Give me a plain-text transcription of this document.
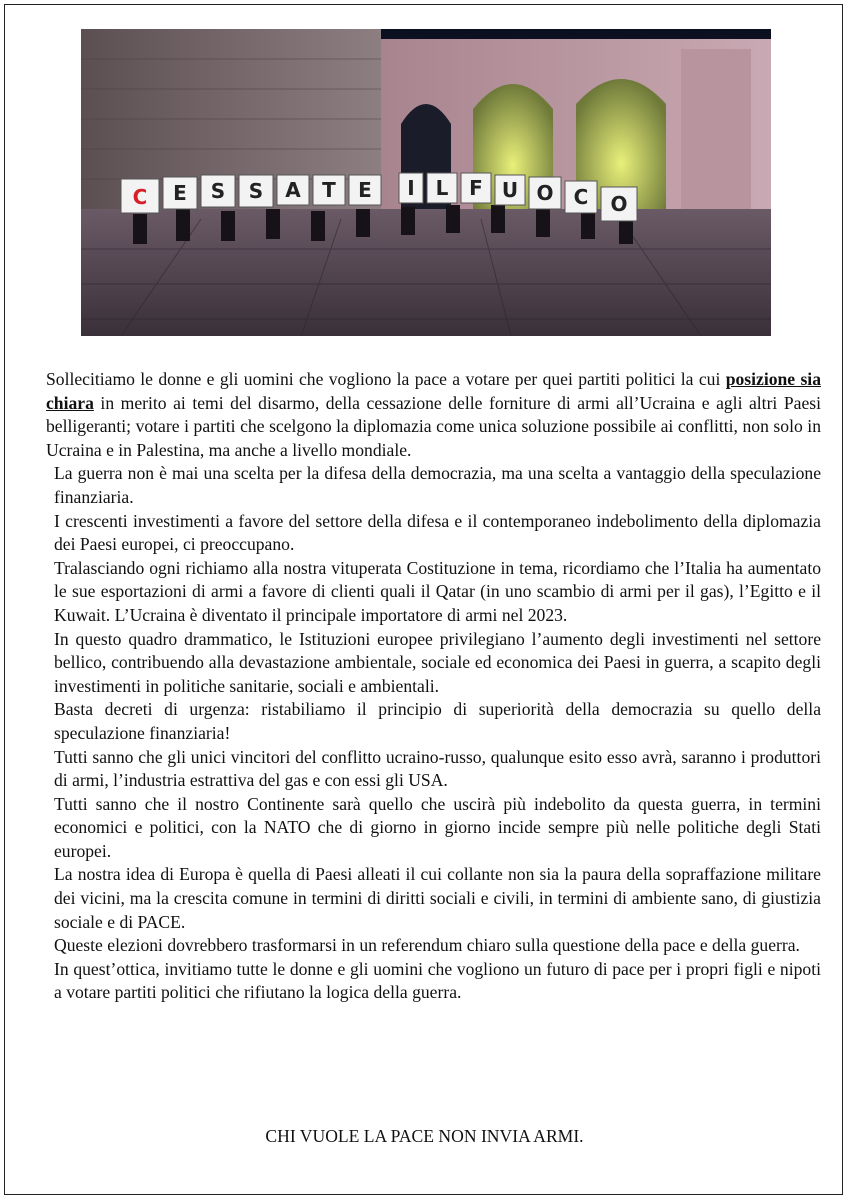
C E S S A T E I L F U O C O

Sollecitiamo le donne e gli uomini che vogliono la pace a votare per quei partiti politici la cui posizione sia chiara in merito ai temi del disarmo, della cessazione delle forniture di armi all’Ucraina e agli altri Paesi belligeranti; votare i partiti che scelgono la diplomazia come unica soluzione possibile ai conflitti, non solo in Ucraina e in Palestina, ma anche a livello mondiale.

La guerra non è mai una scelta per la difesa della democrazia, ma una scelta a vantaggio della speculazione finanziaria.

I crescenti investimenti a favore del settore della difesa e il contemporaneo indebolimento della diplomazia dei Paesi europei, ci preoccupano.

Tralasciando ogni richiamo alla nostra vituperata Costituzione in tema, ricordiamo che l’Italia ha aumentato le sue esportazioni di armi a favore di clienti quali il Qatar (in uno scambio di armi per il gas), l’Egitto e il Kuwait. L’Ucraina è diventato il principale importatore di armi nel 2023.

In questo quadro drammatico, le Istituzioni europee privilegiano l’aumento degli investimenti nel settore bellico, contribuendo alla devastazione ambientale, sociale ed economica dei Paesi in guerra, a scapito degli investimenti in politiche sanitarie, sociali e ambientali.

Basta decreti di urgenza: ristabiliamo il principio di superiorità della democrazia su quello della speculazione finanziaria!

Tutti sanno che gli unici vincitori del conflitto ucraino-russo, qualunque esito esso avrà, saranno i produttori di armi, l’industria estrattiva del gas e con essi gli USA.

Tutti sanno che il nostro Continente sarà quello che uscirà più indebolito da questa guerra, in termini economici e politici, con la NATO che di giorno in giorno incide sempre più nelle politiche degli Stati europei.

La nostra idea di Europa è quella di Paesi alleati il cui collante non sia la paura della sopraffazione militare dei vicini, ma la crescita comune in termini di diritti sociali e civili, in termini di ambiente sano, di giustizia sociale e di PACE.

Queste elezioni dovrebbero trasformarsi in un referendum chiaro sulla questione della pace e della guerra.

In quest’ottica, invitiamo tutte le donne e gli uomini che vogliono un futuro di pace per i propri figli e nipoti a votare partiti politici che rifiutano la logica della guerra.

CHI VUOLE LA PACE NON INVIA ARMI.
